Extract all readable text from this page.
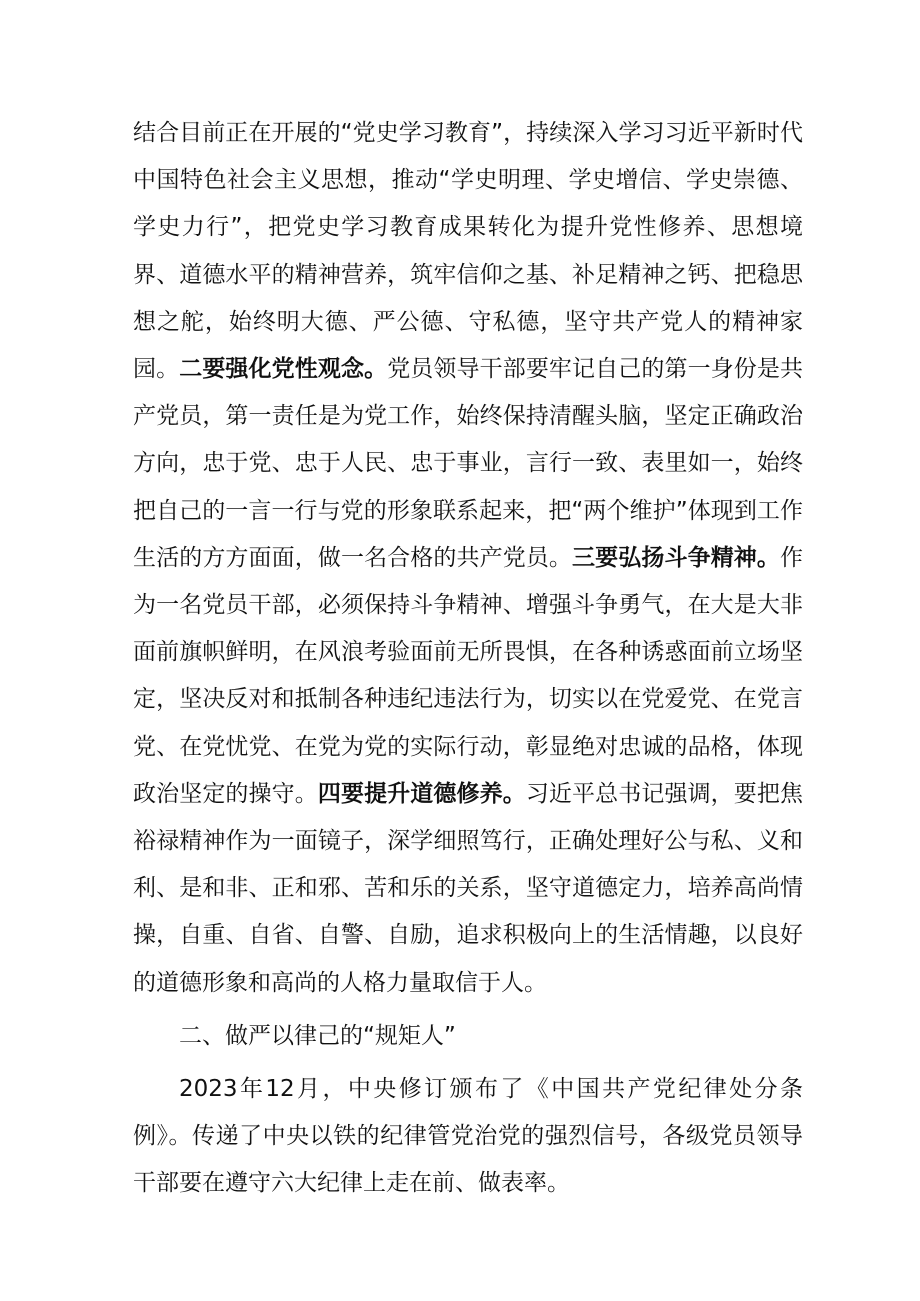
结合目前正在开展的“党史学习教育”，持续深入学习习近平新时代中国特色社会主义思想，推动“学史明理、学史增信、学史崇德、学史力行”，把党史学习教育成果转化为提升党性修养、思想境界、道德水平的精神营养，筑牢信仰之基、补足精神之钙、把稳思想之舵，始终明大德、严公德、守私德，坚守共产党人的精神家园。二要强化党性观念。党员领导干部要牢记自己的第一身份是共产党员，第一责任是为党工作，始终保持清醒头脑，坚定正确政治方向，忠于党、忠于人民、忠于事业，言行一致、表里如一，始终把自己的一言一行与党的形象联系起来，把“两个维护”体现到工作生活的方方面面，做一名合格的共产党员。三要弘扬斗争精神。作为一名党员干部，必须保持斗争精神、增强斗争勇气，在大是大非面前旗帜鲜明，在风浪考验面前无所畏惧，在各种诱惑面前立场坚定，坚决反对和抵制各种违纪违法行为，切实以在党爱党、在党言党、在党忧党、在党为党的实际行动，彰显绝对忠诚的品格，体现政治坚定的操守。四要提升道德修养。习近平总书记强调，要把焦裕禄精神作为一面镜子，深学细照笃行，正确处理好公与私、义和利、是和非、正和邪、苦和乐的关系，坚守道德定力，培养高尚情操，自重、自省、自警、自励，追求积极向上的生活情趣，以良好的道德形象和高尚的人格力量取信于人。

二、做严以律己的“规矩人”

2023年12月，中央修订颁布了《中国共产党纪律处分条例》。传递了中央以铁的纪律管党治党的强烈信号，各级党员领导干部要在遵守六大纪律上走在前、做表率。
